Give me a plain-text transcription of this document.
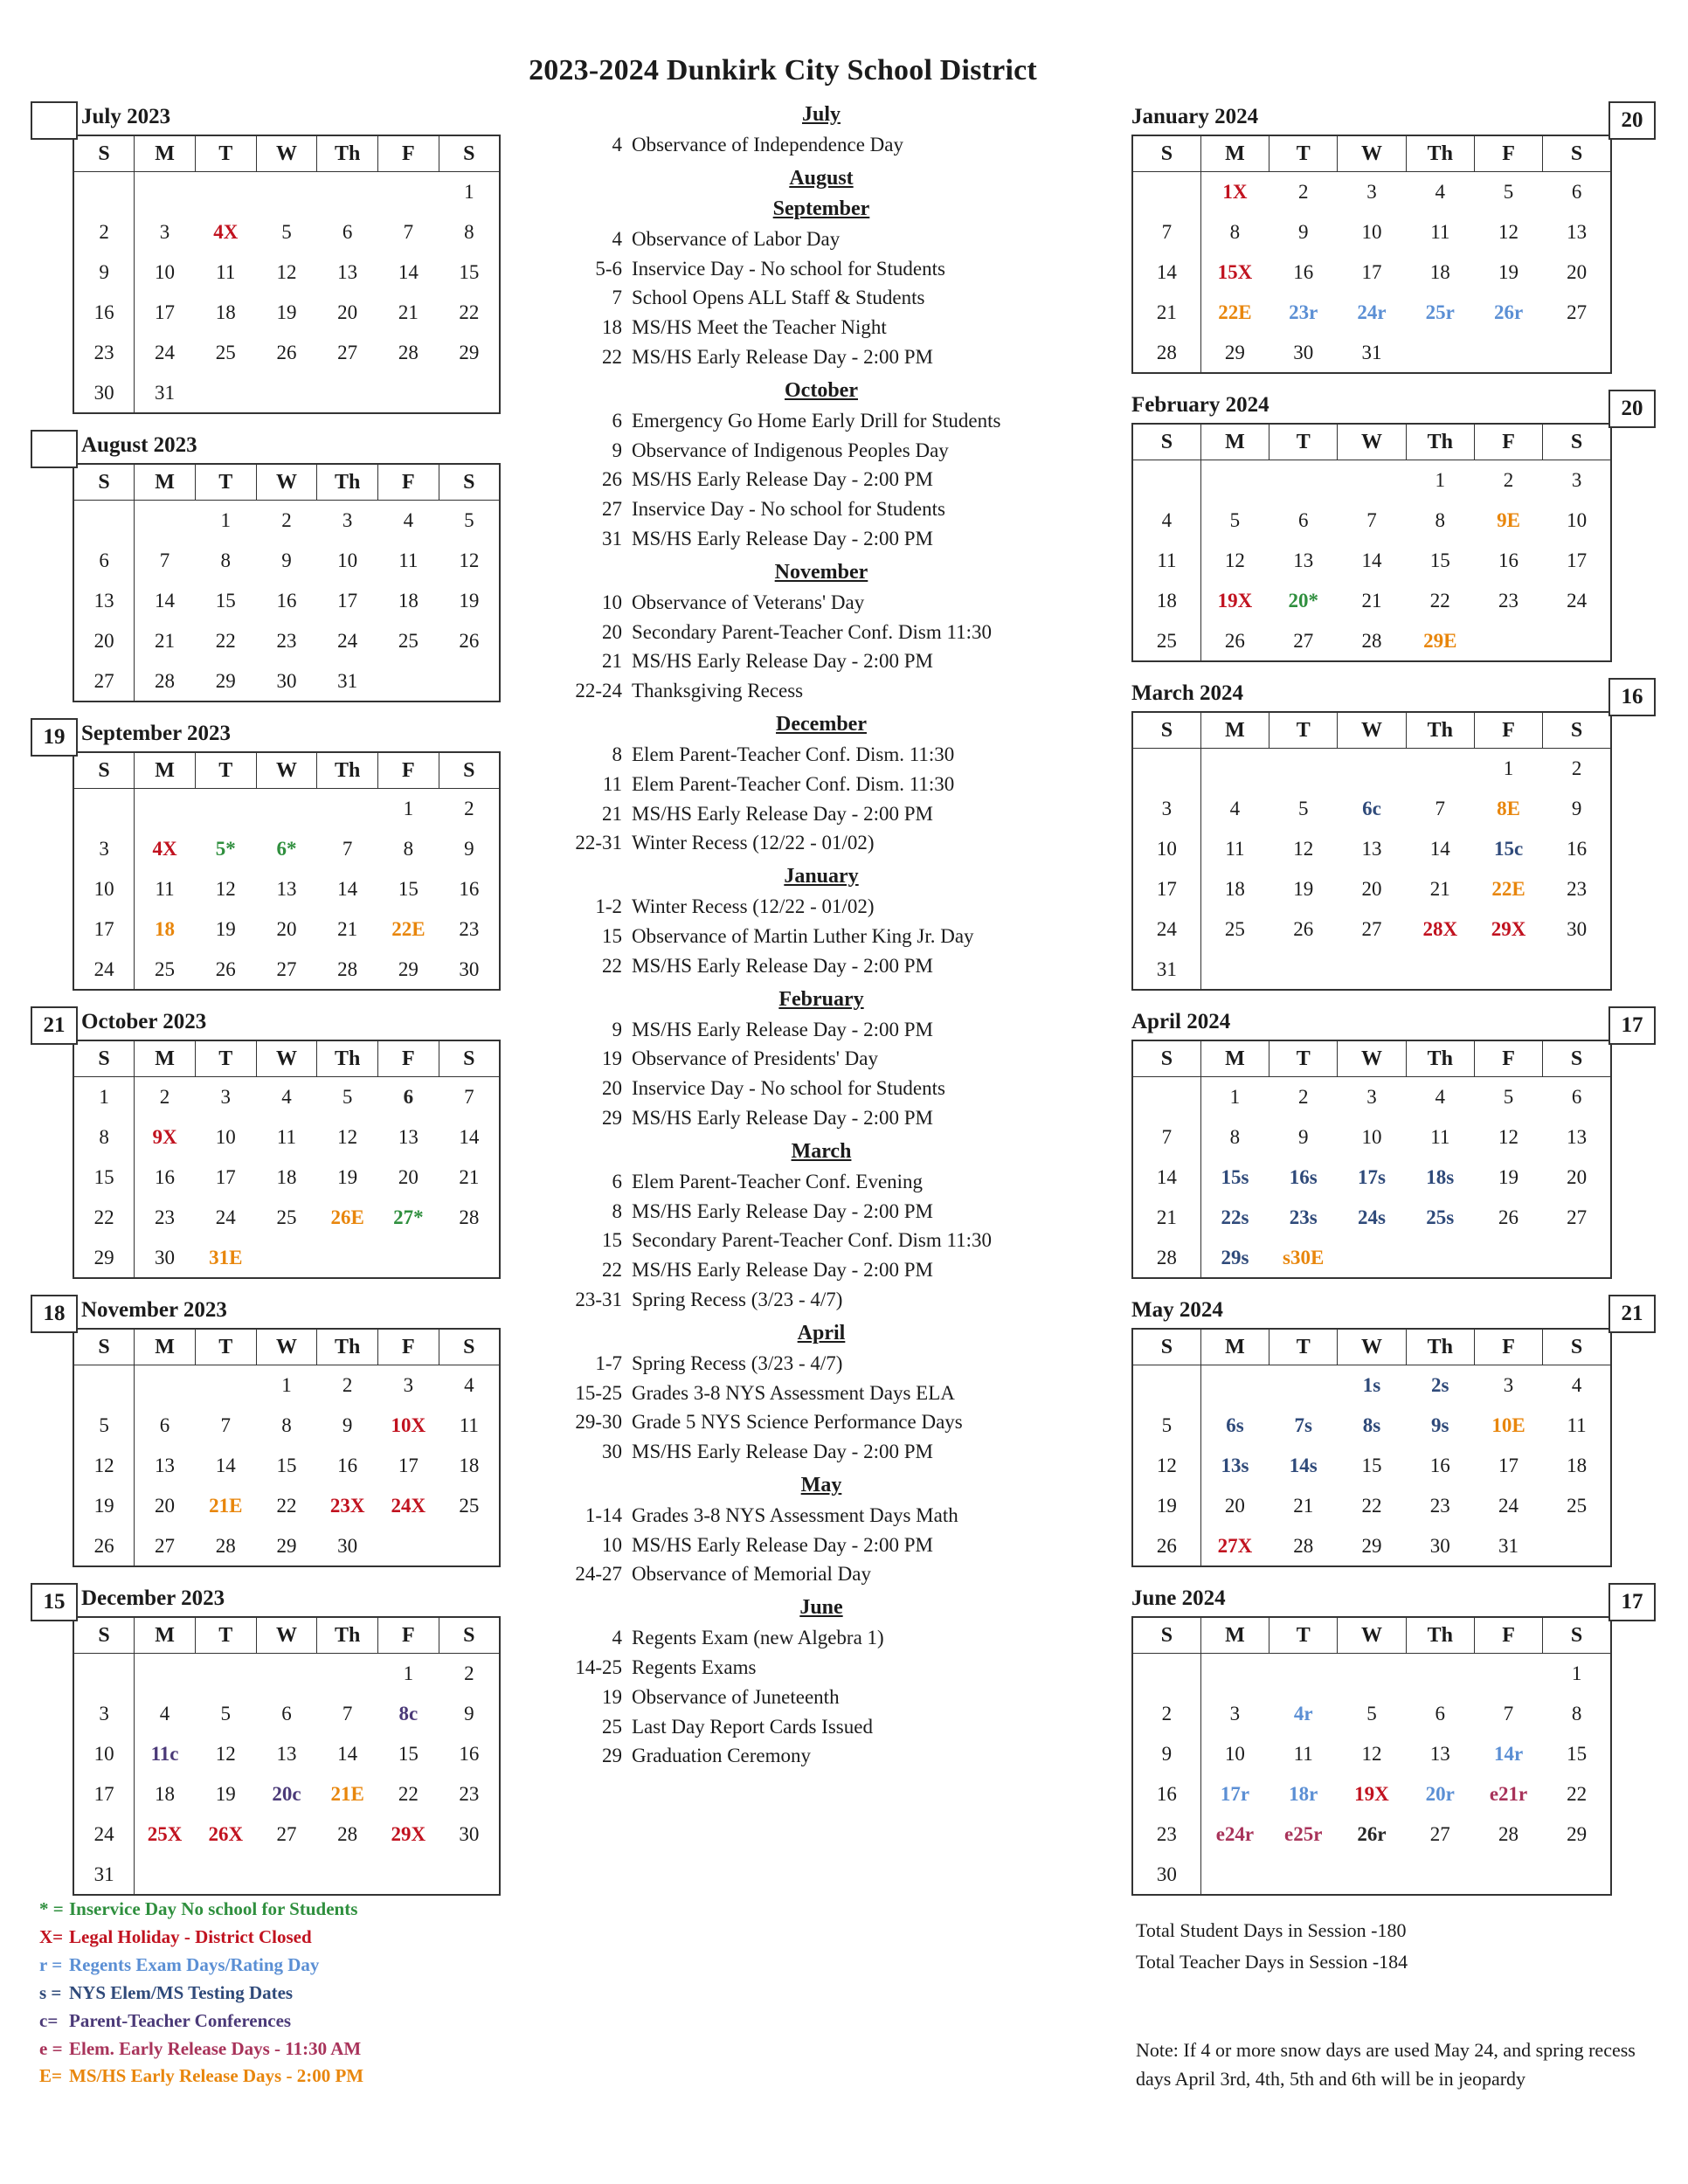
2023-2024 Dunkirk City School District
July 2023
S	M	T	W	Th	F	S
						1
2	3	4X	5	6	7	8
9	10	11	12	13	14	15
16	17	18	19	20	21	22
23	24	25	26	27	28	29
30	31					
August 2023
S	M	T	W	Th	F	S
		1	2	3	4	5
6	7	8	9	10	11	12
13	14	15	16	17	18	19
20	21	22	23	24	25	26
27	28	29	30	31		
19 September 2023
S	M	T	W	Th	F	S
					1	2
3	4X	5*	6*	7	8	9
10	11	12	13	14	15	16
17	18	19	20	21	22E	23
24	25	26	27	28	29	30
21 October 2023
S	M	T	W	Th	F	S
1	2	3	4	5	6	7
8	9X	10	11	12	13	14
15	16	17	18	19	20	21
22	23	24	25	26E	27*	28
29	30	31E				
18 November 2023
S	M	T	W	Th	F	S
			1	2	3	4
5	6	7	8	9	10X	11
12	13	14	15	16	17	18
19	20	21E	22	23X	24X	25
26	27	28	29	30		
15 December 2023
S	M	T	W	Th	F	S
					1	2
3	4	5	6	7	8c	9
10	11c	12	13	14	15	16
17	18	19	20c	21E	22	23
24	25X	26X	27	28	29X	30
31						
July
4 Observance of Independence Day
August
September
4 Observance of Labor Day
5-6 Inservice Day - No school for Students
7 School Opens ALL Staff & Students
18 MS/HS Meet the Teacher Night
22 MS/HS Early Release Day - 2:00 PM
October
6 Emergency Go Home Early Drill for Students
9 Observance of Indigenous Peoples Day
26 MS/HS Early Release Day - 2:00 PM
27 Inservice Day - No school for Students
31 MS/HS Early Release Day - 2:00 PM
November
10 Observance of Veterans' Day
20 Secondary Parent-Teacher Conf. Dism 11:30
21 MS/HS Early Release Day - 2:00 PM
22-24 Thanksgiving Recess
December
8 Elem Parent-Teacher Conf. Dism. 11:30
11 Elem Parent-Teacher Conf. Dism. 11:30
21 MS/HS Early Release Day - 2:00 PM
22-31 Winter Recess (12/22 - 01/02)
January
1-2 Winter Recess (12/22 - 01/02)
15 Observance of Martin Luther King Jr. Day
22 MS/HS Early Release Day - 2:00 PM
February
9 MS/HS Early Release Day - 2:00 PM
19 Observance of Presidents' Day
20 Inservice Day - No school for Students
29 MS/HS Early Release Day - 2:00 PM
March
6 Elem Parent-Teacher Conf. Evening
8 MS/HS Early Release Day - 2:00 PM
15 Secondary Parent-Teacher Conf. Dism 11:30
22 MS/HS Early Release Day - 2:00 PM
23-31 Spring Recess (3/23 - 4/7)
April
1-7 Spring Recess (3/23 - 4/7)
15-25 Grades 3-8 NYS Assessment Days ELA
29-30 Grade 5 NYS Science Performance Days
30 MS/HS Early Release Day - 2:00 PM
May
1-14 Grades 3-8 NYS Assessment Days Math
10 MS/HS Early Release Day - 2:00 PM
24-27 Observance of Memorial Day
June
4 Regents Exam (new Algebra 1)
14-25 Regents Exams
19 Observance of Juneteenth
25 Last Day Report Cards Issued
29 Graduation Ceremony
20
January 2024
S	M	T	W	Th	F	S
	1X	2	3	4	5	6
7	8	9	10	11	12	13
14	15X	16	17	18	19	20
21	22E	23r	24r	25r	26r	27
28	29	30	31			
20
February 2024
S	M	T	W	Th	F	S
				1	2	3
4	5	6	7	8	9E	10
11	12	13	14	15	16	17
18	19X	20*	21	22	23	24
25	26	27	28	29E		
16
March 2024
S	M	T	W	Th	F	S
					1	2
3	4	5	6c	7	8E	9
10	11	12	13	14	15c	16
17	18	19	20	21	22E	23
24	25	26	27	28X	29X	30
31						
17
April 2024
S	M	T	W	Th	F	S
	1	2	3	4	5	6
7	8	9	10	11	12	13
14	15s	16s	17s	18s	19	20
21	22s	23s	24s	25s	26	27
28	29s	s30E				
21
May 2024
S	M	T	W	Th	F	S
			1s	2s	3	4
5	6s	7s	8s	9s	10E	11
12	13s	14s	15	16	17	18
19	20	21	22	23	24	25
26	27X	28	29	30	31	
17
June 2024
S	M	T	W	Th	F	S
						1
2	3	4r	5	6	7	8
9	10	11	12	13	14r	15
16	17r	18r	19X	20r	e21r	22
23	e24r	e25r	26r	27	28	29
30						
* = Inservice Day No school for Students
X= Legal Holiday - District Closed
r = Regents Exam Days/Rating Day
s = NYS Elem/MS Testing Dates
c= Parent-Teacher Conferences
e = Elem. Early Release Days - 11:30 AM
E= MS/HS Early Release Days - 2:00 PM
Total Student Days in Session -180
Total Teacher Days in Session -184
Note: If 4 or more snow days are used May 24, and spring recess days April 3rd, 4th, 5th and 6th will be in jeopardy
